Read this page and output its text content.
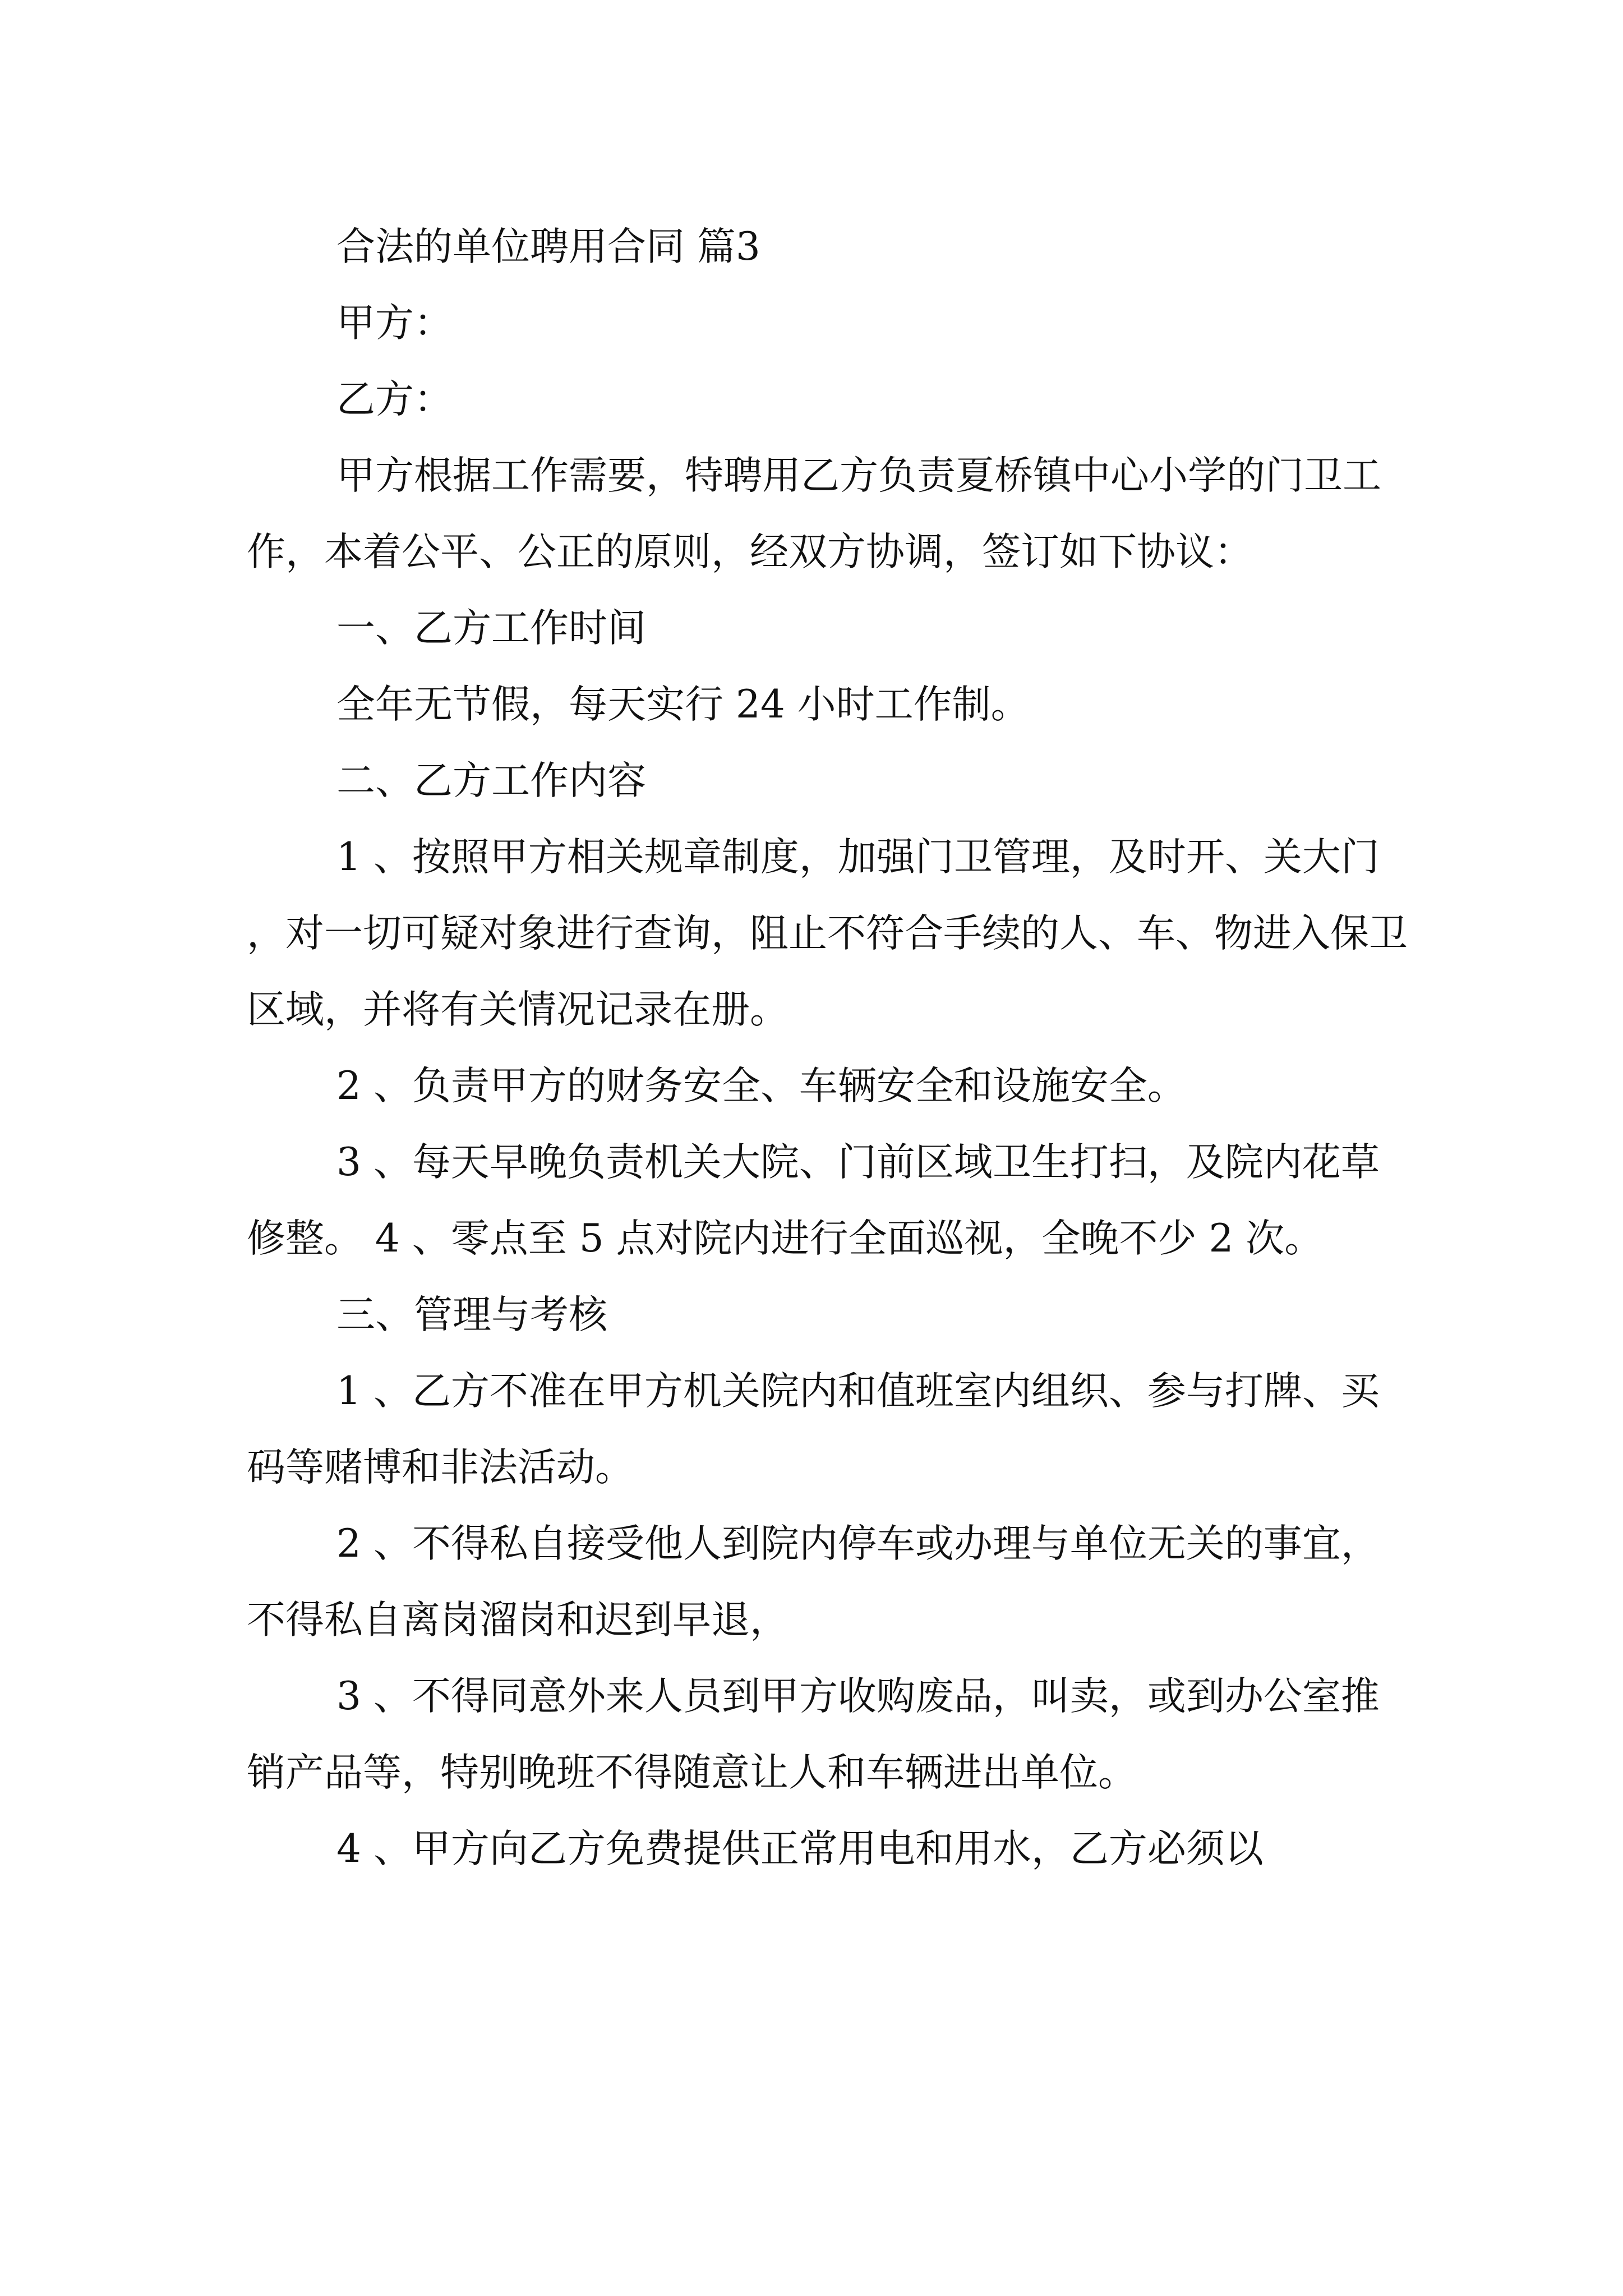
合法的单位聘用合同 篇3

甲方：

乙方：

甲方根据工作需要，特聘用乙方负责夏桥镇中心小学的门卫工作，本着公平、公正的原则，经双方协调，签订如下协议：

一、乙方工作时间

全年无节假，每天实行 24 小时工作制。

二、乙方工作内容

1 、按照甲方相关规章制度，加强门卫管理，及时开、关大门，对一切可疑对象进行查询，阻止不符合手续的人、车、物进入保卫区域，并将有关情况记录在册。

2 、负责甲方的财务安全、车辆安全和设施安全。

3 、每天早晚负责机关大院、门前区域卫生打扫，及院内花草修整。 4 、零点至 5 点对院内进行全面巡视，全晚不少 2 次。

三、管理与考核

1 、乙方不准在甲方机关院内和值班室内组织、参与打牌、买码等赌博和非法活动。

2 、不得私自接受他人到院内停车或办理与单位无关的事宜，不得私自离岗溜岗和迟到早退，

3 、不得同意外来人员到甲方收购废品，叫卖，或到办公室推销产品等，特别晚班不得随意让人和车辆进出单位。

4 、甲方向乙方免费提供正常用电和用水，乙方必须以
